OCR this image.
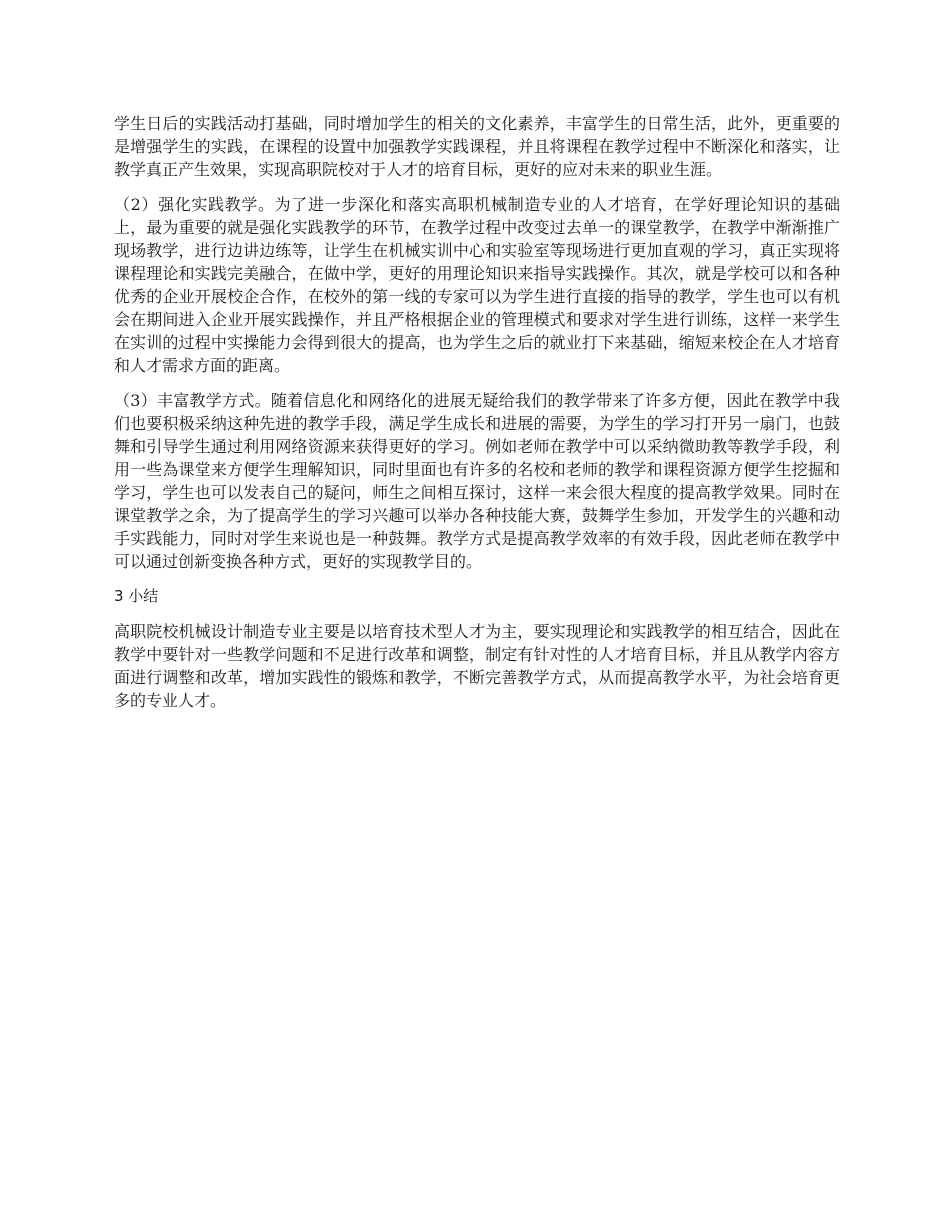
学生日后的实践活动打基础，同时增加学生的相关的文化素养，丰富学生的日常生活，此外，更重要的是增强学生的实践，在课程的设置中加强教学实践课程，并且将课程在教学过程中不断深化和落实，让教学真正产生效果，实现高职院校对于人才的培育目标，更好的应对未来的职业生涯。

（2）强化实践教学。为了进一步深化和落实高职机械制造专业的人才培育，在学好理论知识的基础上，最为重要的就是强化实践教学的环节，在教学过程中改变过去单一的课堂教学，在教学中渐渐推广现场教学，进行边讲边练等，让学生在机械实训中心和实验室等现场进行更加直观的学习，真正实现将课程理论和实践完美融合，在做中学，更好的用理论知识来指导实践操作。其次，就是学校可以和各种优秀的企业开展校企合作，在校外的第一线的专家可以为学生进行直接的指导的教学，学生也可以有机会在期间进入企业开展实践操作，并且严格根据企业的管理模式和要求对学生进行训练，这样一来学生在实训的过程中实操能力会得到很大的提高，也为学生之后的就业打下来基础，缩短来校企在人才培育和人才需求方面的距离。

（3）丰富教学方式。随着信息化和网络化的进展无疑给我们的教学带来了许多方便，因此在教学中我们也要积极采纳这种先进的教学手段，满足学生成长和进展的需要，为学生的学习打开另一扇门，也鼓舞和引导学生通过利用网络资源来获得更好的学习。例如老师在教学中可以采纳微助教等教学手段，利用一些為课堂来方便学生理解知识，同时里面也有许多的名校和老师的教学和课程资源方便学生挖掘和学习，学生也可以发表自己的疑问，师生之间相互探讨，这样一来会很大程度的提高教学效果。同时在课堂教学之余，为了提高学生的学习兴趣可以举办各种技能大赛，鼓舞学生参加，开发学生的兴趣和动手实践能力，同时对学生来说也是一种鼓舞。教学方式是提高教学效率的有效手段，因此老师在教学中可以通过创新变换各种方式，更好的实现教学目的。

3 小结

高职院校机械设计制造专业主要是以培育技术型人才为主，要实现理论和实践教学的相互结合，因此在教学中要针对一些教学问题和不足进行改革和调整，制定有针对性的人才培育目标，并且从教学内容方面进行调整和改革，增加实践性的锻炼和教学，不断完善教学方式，从而提高教学水平，为社会培育更多的专业人才。
